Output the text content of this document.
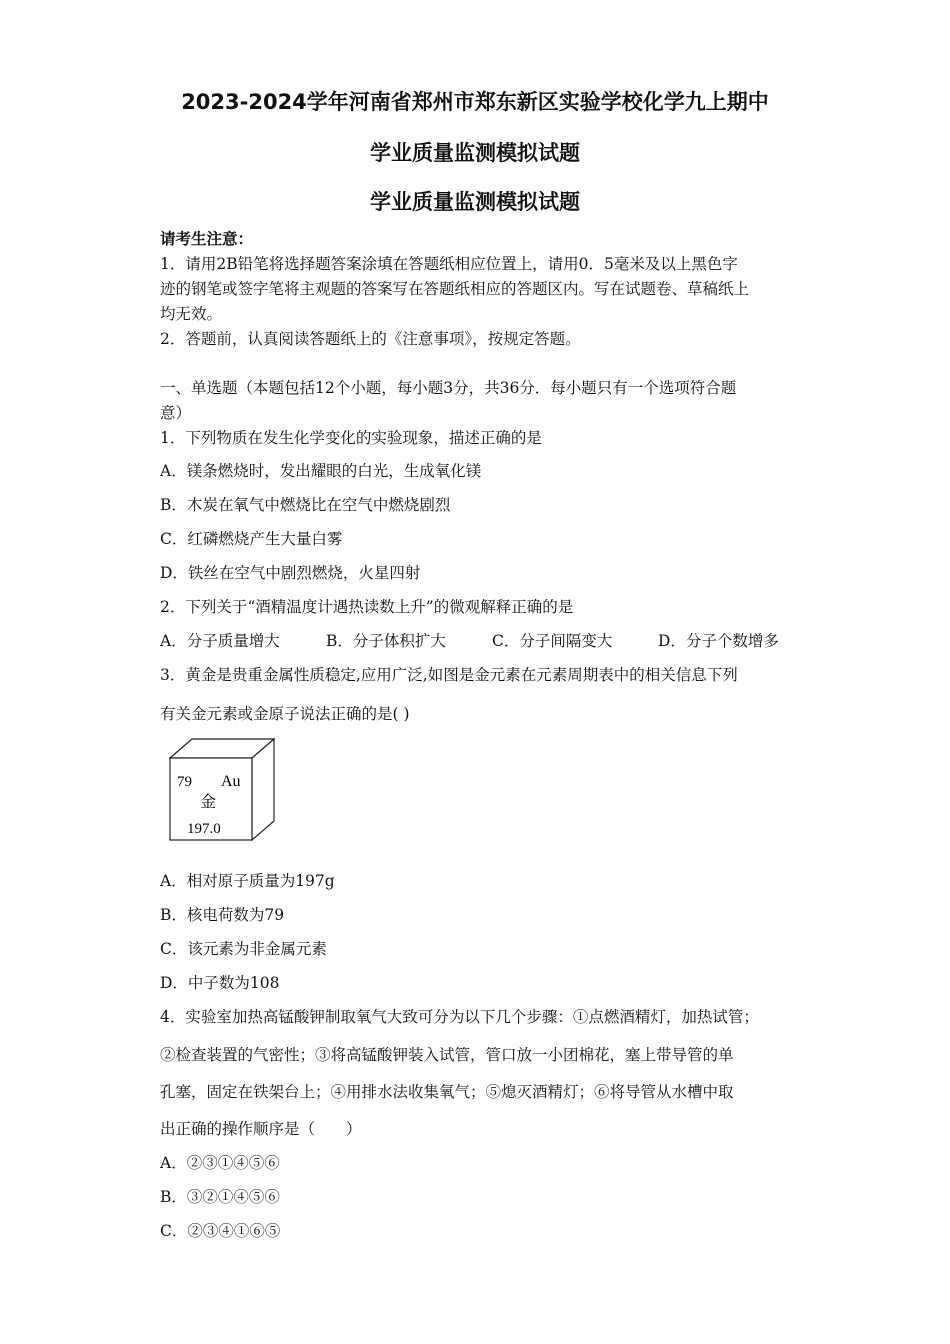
2023-2024学年河南省郑州市郑东新区实验学校化学九上期中
学业质量监测模拟试题
学业质量监测模拟试题

请考生注意：

1．请用2B铅笔将选择题答案涂填在答题纸相应位置上，请用0．5毫米及以上黑色字

迹的钢笔或签字笔将主观题的答案写在答题纸相应的答题区内。写在试题卷、草稿纸上

均无效。

2．答题前，认真阅读答题纸上的《注意事项》，按规定答题。

一、单选题（本题包括12个小题，每小题3分，共36分．每小题只有一个选项符合题

意）

1．下列物质在发生化学变化的实验现象，描述正确的是

A．镁条燃烧时，发出耀眼的白光，生成氧化镁

B．木炭在氧气中燃烧比在空气中燃烧剧烈

C．红磷燃烧产生大量白雾

D．铁丝在空气中剧烈燃烧，火星四射

2．下列关于“酒精温度计遇热读数上升”的微观解释正确的是

A．分子质量增大	B．分子体积扩大	C．分子间隔变大	D．分子个数增多

3．黄金是贵重金属性质稳定,应用广泛,如图是金元素在元素周期表中的相关信息下列

有关金元素或金原子说法正确的是( )

79 Au
金
197.0

A．相对原子质量为197g

B．核电荷数为79

C．该元素为非金属元素

D．中子数为108

4．实验室加热高锰酸钾制取氧气大致可分为以下几个步骤：①点燃酒精灯，加热试管；

②检查装置的气密性；③将高锰酸钾装入试管，管口放一小团棉花，塞上带导管的单

孔塞，固定在铁架台上；④用排水法收集氧气；⑤熄灭酒精灯；⑥将导管从水槽中取

出正确的操作顺序是（　　）

A．②③①④⑤⑥

B．③②①④⑤⑥

C．②③④①⑥⑤
